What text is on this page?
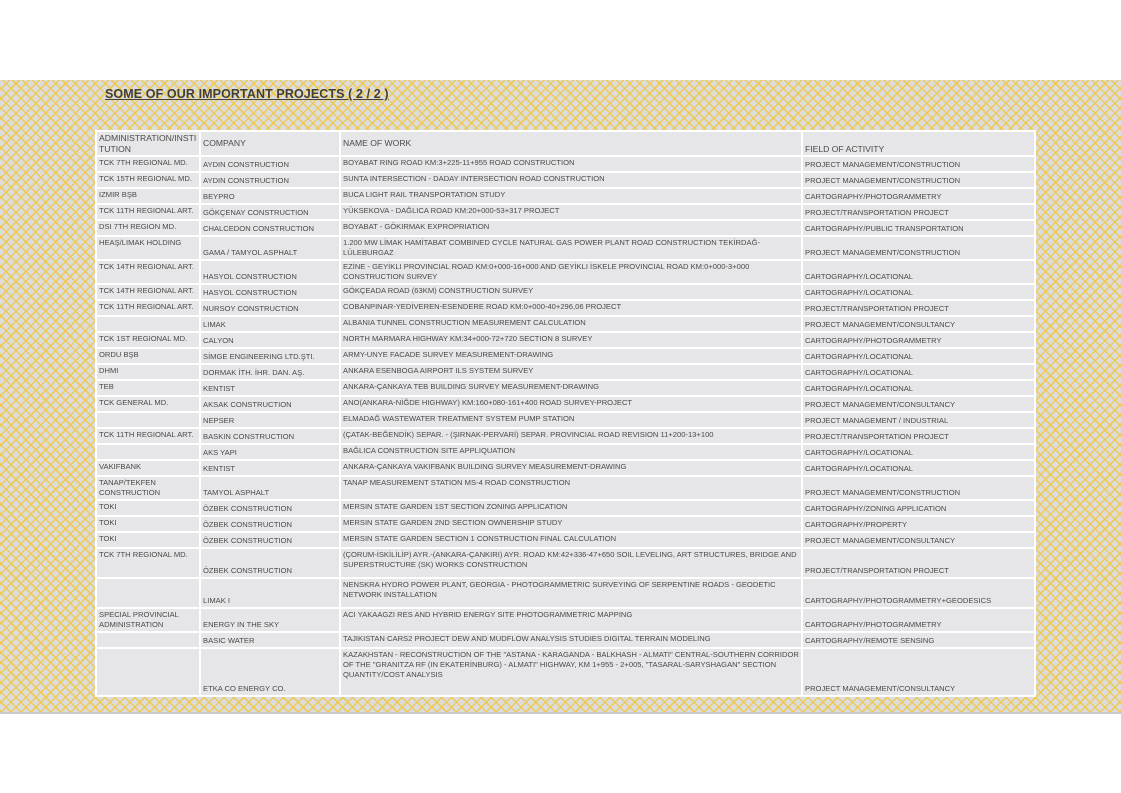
SOME OF OUR IMPORTANT PROJECTS ( 2 / 2 )
ADMINISTRATION/INSTI TUTION	COMPANY	NAME OF WORK	FIELD OF ACTIVITY
TCK 7TH REGIONAL MD.	AYDIN CONSTRUCTION	BOYABAT RING ROAD KM:3+225-11+955 ROAD CONSTRUCTION	PROJECT MANAGEMENT/CONSTRUCTION
TCK 15TH REGIONAL MD.	AYDIN CONSTRUCTION	SUNTA INTERSECTION - DADAY INTERSECTION ROAD CONSTRUCTION	PROJECT MANAGEMENT/CONSTRUCTION
IZMIR BŞB	BEYPRO	BUCA LIGHT RAIL TRANSPORTATION STUDY	CARTOGRAPHY/PHOTOGRAMMETRY
TCK 11TH REGIONAL ART.	GÖKÇENAY CONSTRUCTION	YÜKSEKOVA - DAĞLICA ROAD KM:20+000-53+317 PROJECT	PROJECT/TRANSPORTATION PROJECT
DSI 7TH REGION MD.	CHALCEDON CONSTRUCTION	BOYABAT - GÖKIRMAK EXPROPRIATION	CARTOGRAPHY/PUBLIC TRANSPORTATION
HEAŞ/LIMAK HOLDING	GAMA / TAMYOL ASPHALT	1.200 MW LİMAK HAMİTABAT COMBINED CYCLE NATURAL GAS POWER PLANT ROAD CONSTRUCTION TEKİRDAĞ-LÜLEBURGAZ	PROJECT MANAGEMENT/CONSTRUCTION
TCK 14TH REGIONAL ART.	HASYOL CONSTRUCTION	EZİNE - GEYİKLI PROVINCIAL ROAD KM:0+000-16+000 AND GEYİKLI İSKELE PROVINCIAL ROAD KM:0+000-3+000 CONSTRUCTION SURVEY	CARTOGRAPHY/LOCATIONAL
TCK 14TH REGIONAL ART.	HASYOL CONSTRUCTION	GÖKÇEADA ROAD (63KM) CONSTRUCTION SURVEY	CARTOGRAPHY/LOCATIONAL
TCK 11TH REGIONAL ART.	NURSOY CONSTRUCTION	COBANPINAR-YEDİVEREN-ESENDERE ROAD KM:0+000-40+296,06 PROJECT	PROJECT/TRANSPORTATION PROJECT
	LIMAK	ALBANIA TUNNEL CONSTRUCTION MEASUREMENT CALCULATION	PROJECT MANAGEMENT/CONSULTANCY
TCK 1ST REGIONAL MD.	CALYON	NORTH MARMARA HIGHWAY KM:34+000-72+720 SECTION 8 SURVEY	CARTOGRAPHY/PHOTOGRAMMETRY
ORDU BŞB	SİMGE ENGINEERING LTD.ŞTI.	ARMY-UNYE FACADE SURVEY MEASUREMENT-DRAWING	CARTOGRAPHY/LOCATIONAL
DHMI	DORMAK İTH. İHR. DAN. AŞ.	ANKARA ESENBOGA AIRPORT ILS SYSTEM SURVEY	CARTOGRAPHY/LOCATIONAL
TEB	KENTIST	ANKARA-ÇANKAYA TEB BUILDING SURVEY MEASUREMENT-DRAWING	CARTOGRAPHY/LOCATIONAL
TCK GENERAL MD.	AKSAK CONSTRUCTION	ANO(ANKARA-NİĞDE HIGHWAY) KM:160+080-161+400 ROAD SURVEY-PROJECT	PROJECT MANAGEMENT/CONSULTANCY
	NEPSER	ELMADAĞ WASTEWATER TREATMENT SYSTEM PUMP STATION	PROJECT MANAGEMENT / INDUSTRIAL
TCK 11TH REGIONAL ART.	BASKIN CONSTRUCTION	(ÇATAK-BEĞENDİK) SEPAR. - (ŞIRNAK-PERVARİ) SEPAR. PROVINCIAL ROAD REVISION 11+200-13+100	PROJECT/TRANSPORTATION PROJECT
	AKS YAPI	BAĞLICA CONSTRUCTION SITE APPLIQUATION	CARTOGRAPHY/LOCATIONAL
VAKIFBANK	KENTIST	ANKARA-ÇANKAYA VAKIFBANK BUILDING SURVEY MEASUREMENT-DRAWING	CARTOGRAPHY/LOCATIONAL
TANAP/TEKFEN CONSTRUCTION	TAMYOL ASPHALT	TANAP MEASUREMENT STATION MS-4 ROAD CONSTRUCTION	PROJECT MANAGEMENT/CONSTRUCTION
TOKI	ÖZBEK CONSTRUCTION	MERSIN STATE GARDEN 1ST SECTION ZONING APPLICATION	CARTOGRAPHY/ZONING APPLICATION
TOKI	ÖZBEK CONSTRUCTION	MERSIN STATE GARDEN 2ND SECTION OWNERSHIP STUDY	CARTOGRAPHY/PROPERTY
TOKI	ÖZBEK CONSTRUCTION	MERSIN STATE GARDEN SECTION 1 CONSTRUCTION FINAL CALCULATION	PROJECT MANAGEMENT/CONSULTANCY
TCK 7TH REGIONAL MD.	ÖZBEK CONSTRUCTION	(ÇORUM-İSKİLİLİP) AYR.-(ANKARA-ÇANKIRI) AYR. ROAD KM:42+336-47+650 SOIL LEVELING, ART STRUCTURES, BRIDGE AND SUPERSTRUCTURE (SK) WORKS CONSTRUCTION	PROJECT/TRANSPORTATION PROJECT
	LIMAK I	NENSKRA HYDRO POWER PLANT, GEORGIA - PHOTOGRAMMETRIC SURVEYING OF SERPENTINE ROADS - GEODETIC NETWORK INSTALLATION	CARTOGRAPHY/PHOTOGRAMMETRY+GEODESICS
SPECIAL PROVINCIAL ADMINISTRATION	ENERGY IN THE SKY	ACI YAKAAGZI RES AND HYBRID ENERGY SITE PHOTOGRAMMETRIC MAPPING	CARTOGRAPHY/PHOTOGRAMMETRY
	BASIC WATER	TAJIKISTAN CARS2 PROJECT DEW AND MUDFLOW ANALYSIS STUDIES DIGITAL TERRAIN MODELING	CARTOGRAPHY/REMOTE SENSING
	ETKA CO ENERGY CO.	KAZAKHSTAN - RECONSTRUCTION OF THE "ASTANA - KARAGANDA - BALKHASH - ALMATI" CENTRAL-SOUTHERN CORRIDOR OF THE "GRANITZA RF (IN EKATERİNBURG) - ALMATI" HIGHWAY, KM 1+955 - 2+005, "TASARAL-SARYSHAGAN" SECTION QUANTITY/COST ANALYSIS	PROJECT MANAGEMENT/CONSULTANCY
